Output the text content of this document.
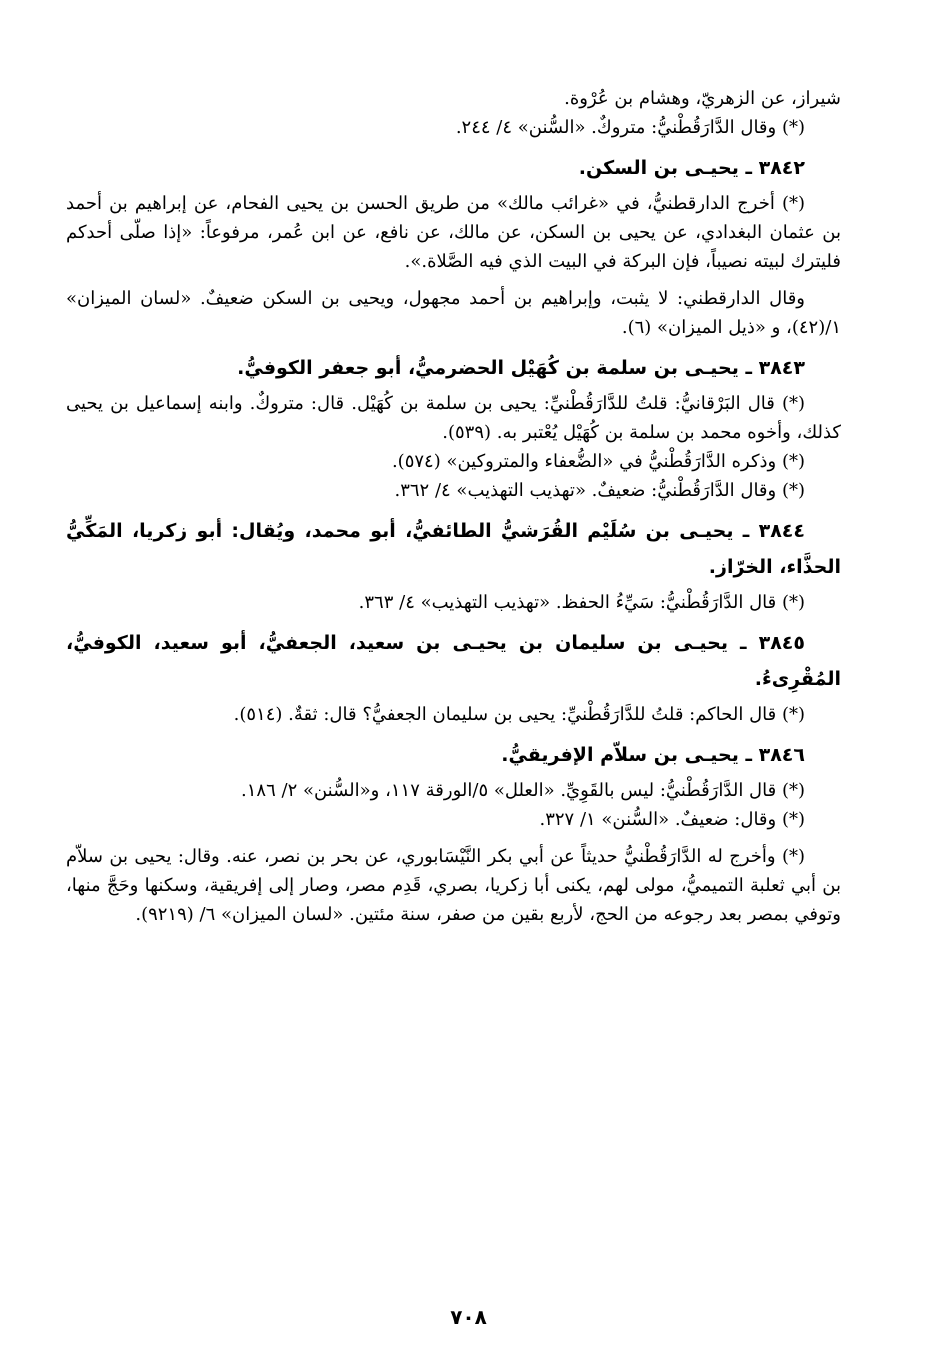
شيراز، عن الزهريّ، وهشام بن عُرْوة.

(*) وقال الدَّارَقُطْنيُّ: متروكٌ. «السُّنن» ٤/ ٢٤٤.

٣٨٤٢ ـ يحيـى بن السكن.

(*) أخرج الدارقطنيُّ، في «غرائب مالك» من طريق الحسن بن يحيى الفحام، عن إبراهيم بن أحمد بن عثمان البغدادي، عن يحيى بن السكن، عن مالك، عن نافع، عن ابن عُمر، مرفوعاً: «إذا صلّى أحدكم فليترك لبيته نصيباً، فإن البركة في البيت الذي فيه الصَّلاة.».

وقال الدارقطني: لا يثبت، وإبراهيم بن أحمد مجهول، ويحيى بن السكن ضعيفٌ. «لسان الميزان» ١/(٤٢)، و «ذيل الميزان» (٦).

٣٨٤٣ ـ يحيـى بن سلمة بن كُهَيْل الحضرميُّ، أبو جعفر الكوفيُّ.

(*) قال البَرْقانيُّ: قلتُ للدَّارَقُطْنيِّ: يحيى بن سلمة بن كُهَيْل. قال: متروكٌ. وابنه إسماعيل بن يحيى كذلك، وأخوه محمد بن سلمة بن كُهَيْل يُعْتبر به. (٥٣٩).

(*) وذكره الدَّارَقُطْنيُّ في «الضُّعفاء والمتروكين» (٥٧٤).

(*) وقال الدَّارَقُطْنيُّ: ضعيفٌ. «تهذيب التهذيب» ٤/ ٣٦٢.

٣٨٤٤ ـ يحيـى بن سُلَيْم القُرَشيُّ الطائفيُّ، أبو محمد، ويُقال: أبو زكريا، المَكِّيُّ الحذَّاء، الخرّاز.

(*) قال الدَّارَقُطْنيُّ: سَيِّءُ الحفظ. «تهذيب التهذيب» ٤/ ٣٦٣.

٣٨٤٥ ـ يحيـى بن سليمان بن يحيـى بن سعيد، الجعفيُّ، أبو سعيد، الكوفيُّ، المُقْرِىءُ.

(*) قال الحاكم: قلتُ للدَّارَقُطْنيِّ: يحيى بن سليمان الجعفيُّ؟ قال: ثقةٌ. (٥١٤).

٣٨٤٦ ـ يحيـى بن سلاّم الإفريقيُّ.

(*) قال الدَّارَقُطْنيُّ: ليس بالقَوِيِّ. «العلل» ٥/الورقة ١١٧، و«السُّنن» ٢/ ١٨٦.

(*) وقال: ضعيفٌ. «السُّنن» ١/ ٣٢٧.

(*) وأخرج له الدَّارَقُطْنيُّ حديثاً عن أبي بكر النَّيْسَابوري، عن بحر بن نصر، عنه. وقال: يحيى بن سلاّم بن أبي ثعلبة التميميُّ، مولى لهم، يكنى أبا زكريا، بصري، قَدِم مصر، وصار إلى إفريقية، وسكنها وحَجَّ منها، وتوفي بمصر بعد رجوعه من الحج، لأربع بقين من صفر، سنة مئتين. «لسان الميزان» ٦/ (٩٢١٩).

٧٠٨
